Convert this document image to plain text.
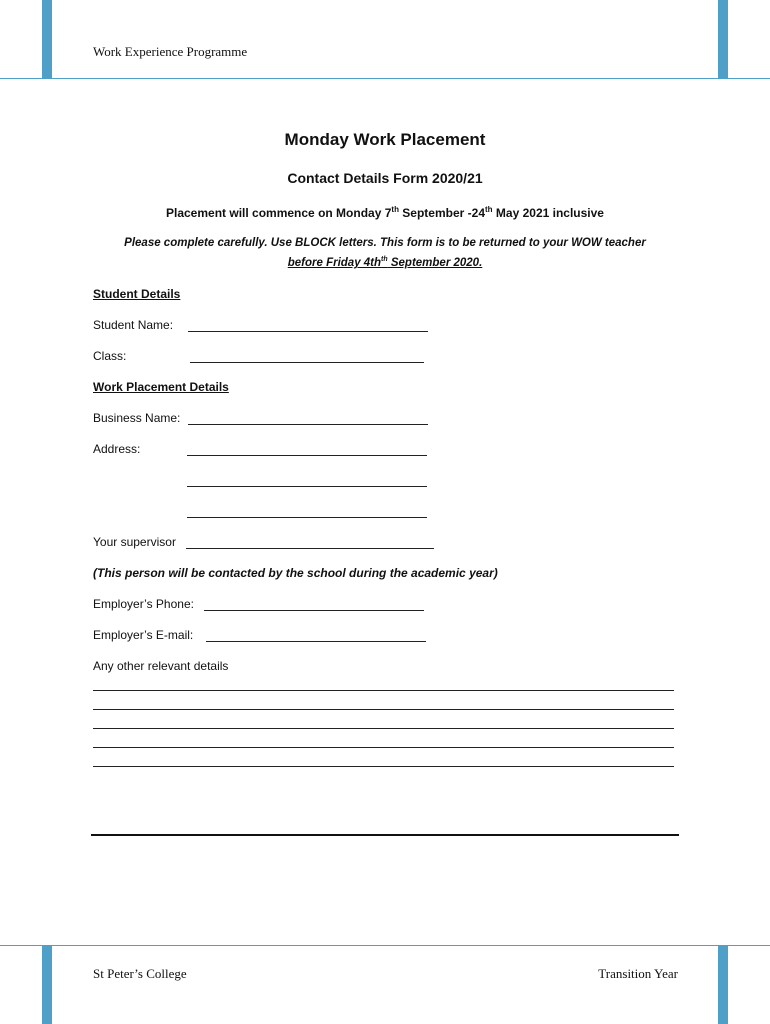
Work Experience Programme
Monday Work Placement
Contact Details Form 2020/21
Placement will commence on Monday 7th September -24th May 2021 inclusive
Please complete carefully. Use BLOCK letters. This form is to be returned to your WOW teacher
before Friday $4th^{th}$ September 2020.
Student Details
Student Name:
Class:
Work Placement Details
Business Name:
Address:
Your supervisor
(This person will be contacted by the school during the academic year)
Employer’s Phone:
Employer’s E-mail:
Any other relevant details
St Peter’s College	Transition Year
